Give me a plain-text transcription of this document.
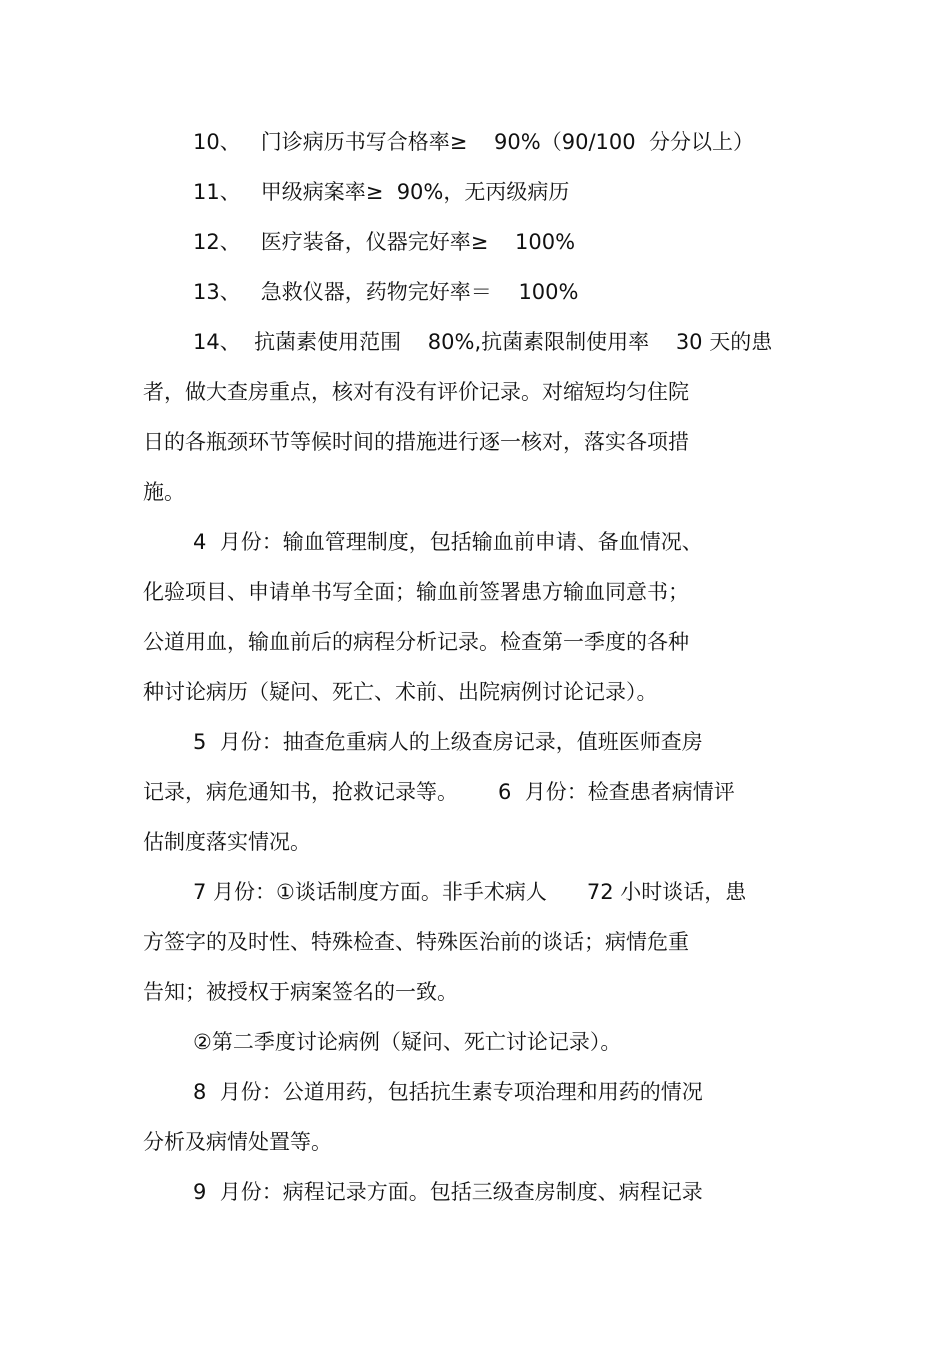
10、   门诊病历书写合格率≥    90%（90/100  分分以上）
11、   甲级病案率≥  90%，无丙级病历
12、   医疗装备，仪器完好率≥    100%
13、   急救仪器，药物完好率＝    100%
14、  抗菌素使用范围    80%,抗菌素限制使用率    30 天的患
者，做大查房重点，核对有没有评价记录。对缩短均匀住院
日的各瓶颈环节等候时间的措施进行逐一核对，落实各项措
施。
4  月份：输血管理制度，包括输血前申请、备血情况、
化验项目、申请单书写全面；输血前签署患方输血同意书；
公道用血，输血前后的病程分析记录。检查第一季度的各种
种讨论病历（疑问、死亡、术前、出院病例讨论记录）。
5  月份：抽查危重病人的上级查房记录，值班医师查房
记录，病危通知书，抢救记录等。      6  月份：检查患者病情评
估制度落实情况。
7 月份：①谈话制度方面。非手术病人      72 小时谈话，患
方签字的及时性、特殊检查、特殊医治前的谈话；病情危重
告知；被授权于病案签名的一致。
②第二季度讨论病例（疑问、死亡讨论记录）。
8  月份：公道用药，包括抗生素专项治理和用药的情况
分析及病情处置等。
9  月份：病程记录方面。包括三级查房制度、病程记录
